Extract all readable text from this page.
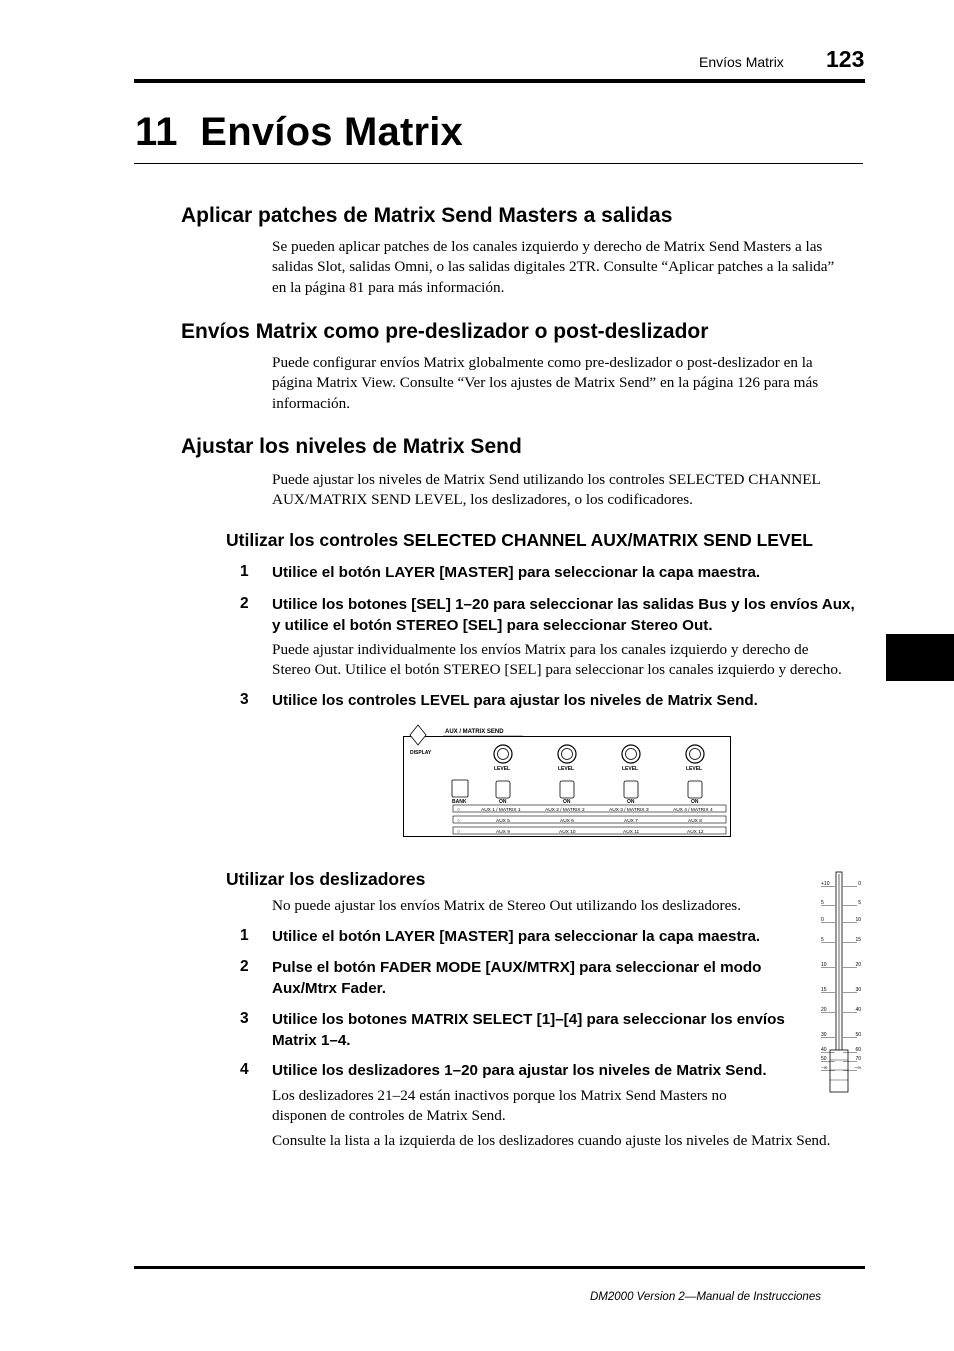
Envíos Matrix 123
11  Envíos Matrix
Aplicar patches de Matrix Send Masters a salidas
Se pueden aplicar patches de los canales izquierdo y derecho de Matrix Send Masters a las
salidas Slot, salidas Omni, o las salidas digitales 2TR. Consulte “Aplicar patches a la salida”
en la página 81 para más información.
Envíos Matrix como pre-deslizador o post-deslizador
Puede configurar envíos Matrix globalmente como pre-deslizador o post-deslizador en la
página Matrix View. Consulte “Ver los ajustes de Matrix Send” en la página 126 para más
información.
Ajustar los niveles de Matrix Send
Puede ajustar los niveles de Matrix Send utilizando los controles SELECTED CHANNEL
AUX/MATRIX SEND LEVEL, los deslizadores, o los codificadores.
Utilizar los controles SELECTED CHANNEL AUX/MATRIX SEND LEVEL
1 Utilice el botón LAYER [MASTER] para seleccionar la capa maestra.
2 Utilice los botones [SEL] 1–20 para seleccionar las salidas Bus y los envíos Aux,
y utilice el botón STEREO [SEL] para seleccionar Stereo Out.
Puede ajustar individualmente los envíos Matrix para los canales izquierdo y derecho de
Stereo Out. Utilice el botón STEREO [SEL] para seleccionar los canales izquierdo y derecho.
3 Utilice los controles LEVEL para ajustar los niveles de Matrix Send.
DISPLAY
AUX / MATRIX SEND
LEVEL
ON
LEVEL
ON
LEVEL
ON
LEVEL
ON
BANK
○	AUX 1 / MATRIX 1	AUX 2 / MATRIX 2	AUX 3 / MATRIX 3	AUX 4 / MATRIX 4
○	AUX 5	AUX 6	AUX 7	AUX 8
○	AUX 9	AUX 10	AUX 11	AUX 12
Utilizar los deslizadores
No puede ajustar los envíos Matrix de Stereo Out utilizando los deslizadores.
1 Utilice el botón LAYER [MASTER] para seleccionar la capa maestra.
2 Pulse el botón FADER MODE [AUX/MTRX] para seleccionar el modo
Aux/Mtrx Fader.
3 Utilice los botones MATRIX SELECT [1]–[4] para seleccionar los envíos
Matrix 1–4.
4 Utilice los deslizadores 1–20 para ajustar los niveles de Matrix Send.
Los deslizadores 21–24 están inactivos porque los Matrix Send Masters no
disponen de controles de Matrix Send.
Consulte la lista a la izquierda de los deslizadores cuando ajuste los niveles de Matrix Send.
+10
5
0
5
10
15
20
30
40
50
−∞
0
5
10
15
20
30
40
50
60
70
−∞
DM2000 Version 2—Manual de Instrucciones
